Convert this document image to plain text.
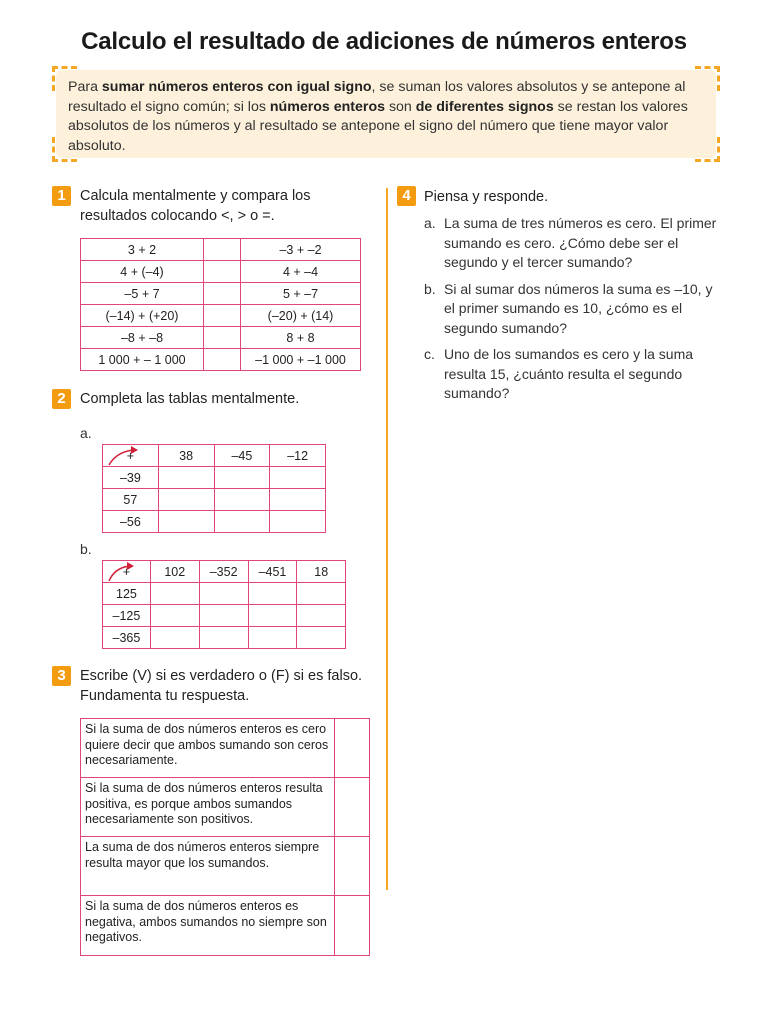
Calculo el resultado de adiciones de números enteros
Para sumar números enteros con igual signo, se suman los valores absolutos y se antepone al resultado el signo común; si los números enteros son de diferentes signos se restan los valores absolutos de los números y al resultado se antepone el signo del número que tiene mayor valor absoluto.
1 Calcula mentalmente y compara los resultados colocando <, > o =.
3 + 2		–3 + –2
4 + (–4)		4 + –4
–5 + 7		5 + –7
(–14) + (+20)		(–20) + (14)
–8 + –8		8 + 8
1 000 + – 1 000		–1 000 + –1 000
2 Completa las tablas mentalmente.
a.
+	38	–45	–12
–39			
57			
–56			
b.
+	102	–352	–451	18
125				
–125				
–365				
3 Escribe (V) si es verdadero o (F) si es falso. Fundamenta tu respuesta.
Si la suma de dos números enteros es cero quiere decir que ambos sumando son ceros necesariamente.	
Si la suma de dos números enteros resulta positiva, es porque ambos sumandos necesariamente son positivos.	
La suma de dos números enteros siempre resulta mayor que los sumandos.	
Si la suma de dos números enteros es negativa, ambos sumandos no siempre son negativos.	
4 Piensa y responde.
a. La suma de tres números es cero. El primer sumando es cero. ¿Cómo debe ser el segundo y el tercer sumando?
b. Si al sumar dos números la suma es –10, y el primer sumando es 10, ¿cómo es el segundo sumando?
c. Uno de los sumandos es cero y la suma resulta 15, ¿cuánto resulta el segundo sumando?
